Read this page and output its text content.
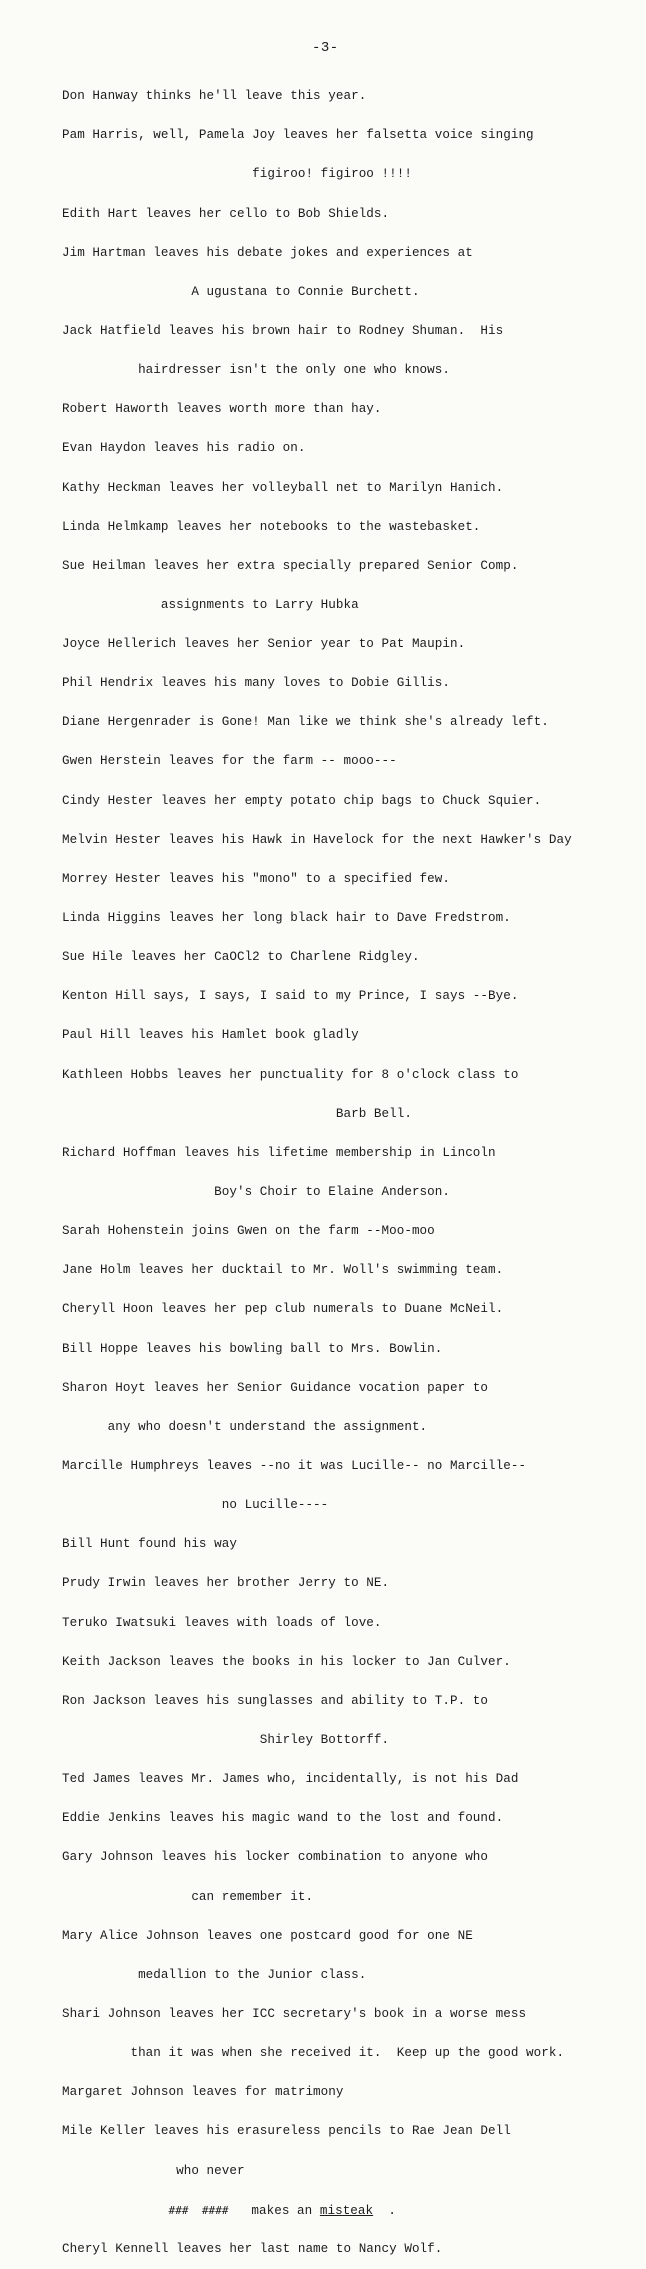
-3-

Don Hanway thinks he'll leave this year.

Pam Harris, well, Pamela Joy leaves her falsetta voice singing

figiroo! figiroo !!!!

Edith Hart leaves her cello to Bob Shields.

Jim Hartman leaves his debate jokes and experiences at

A ugustana to Connie Burchett.

Jack Hatfield leaves his brown hair to Rodney Shuman.  His

hairdresser isn't the only one who knows.

Robert Haworth leaves worth more than hay.

Evan Haydon leaves his radio on.

Kathy Heckman leaves her volleyball net to Marilyn Hanich.

Linda Helmkamp leaves her notebooks to the wastebasket.

Sue Heilman leaves her extra specially prepared Senior Comp.

assignments to Larry Hubka

Joyce Hellerich leaves her Senior year to Pat Maupin.

Phil Hendrix leaves his many loves to Dobie Gillis.

Diane Hergenrader is Gone! Man like we think she's already left.

Gwen Herstein leaves for the farm -- mooo---

Cindy Hester leaves her empty potato chip bags to Chuck Squier.

Melvin Hester leaves his Hawk in Havelock for the next Hawker's Day

Morrey Hester leaves his "mono" to a specified few.

Linda Higgins leaves her long black hair to Dave Fredstrom.

Sue Hile leaves her CaOCl2 to Charlene Ridgley.

Kenton Hill says, I says, I said to my Prince, I says --Bye.

Paul Hill leaves his Hamlet book gladly

Kathleen Hobbs leaves her punctuality for 8 o'clock class to

Barb Bell.

Richard Hoffman leaves his lifetime membership in Lincoln

Boy's Choir to Elaine Anderson.

Sarah Hohenstein joins Gwen on the farm --Moo-moo

Jane Holm leaves her ducktail to Mr. Woll's swimming team.

Cheryll Hoon leaves her pep club numerals to Duane McNeil.

Bill Hoppe leaves his bowling ball to Mrs. Bowlin.

Sharon Hoyt leaves her Senior Guidance vocation paper to

any who doesn't understand the assignment.

Marcille Humphreys leaves --no it was Lucille-- no Marcille--

no Lucille----

Bill Hunt found his way

Prudy Irwin leaves her brother Jerry to NE.

Teruko Iwatsuki leaves with loads of love.

Keith Jackson leaves the books in his locker to Jan Culver.

Ron Jackson leaves his sunglasses and ability to T.P. to

Shirley Bottorff.

Ted James leaves Mr. James who, incidentally, is not his Dad

Eddie Jenkins leaves his magic wand to the lost and found.

Gary Johnson leaves his locker combination to anyone who

can remember it.

Mary Alice Johnson leaves one postcard good for one NE

medallion to the Junior class.

Shari Johnson leaves her ICC secretary's book in a worse mess

than it was when she received it.  Keep up the good work.

Margaret Johnson leaves for matrimony

Mile Keller leaves his erasureless pencils to Rae Jean Dell

who never

###  ####   makes an misteak  .

Cheryl Kennell leaves her last name to Nancy Wolf.
